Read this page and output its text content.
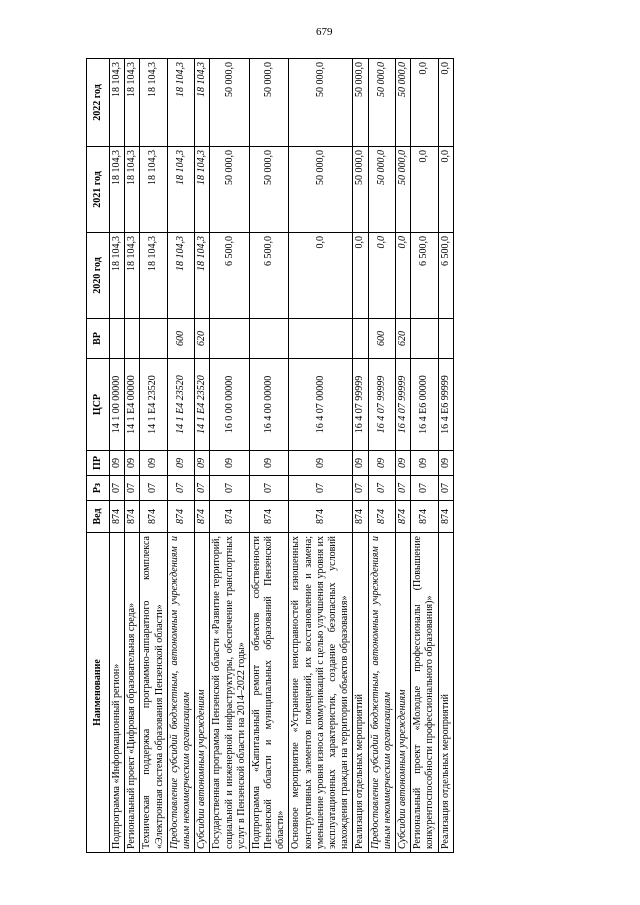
679
Наименование	Вед	Рз	ПР	ЦСР	ВР	2020 год	2021 год	2022 год
Подпрограмма «Информационный регион»	874	07	09	14 1 00 00000		18 104,3	18 104,3	18 104,3
Региональный проект «Цифровая образовательная среда»	874	07	09	14 1 E4 00000		18 104,3	18 104,3	18 104,3
Техническая поддержка программно-аппаратного комплекса «Электронная система образования Пензенской области»	874	07	09	14 1 E4 23520		18 104,3	18 104,3	18 104,3
Предоставление субсидий бюджетным, автономным учреждениям и иным некоммерческим организациям	874	07	09	14 1 E4 23520	600	18 104,3	18 104,3	18 104,3
Субсидии автономным учреждениям	874	07	09	14 1 E4 23520	620	18 104,3	18 104,3	18 104,3
Государственная программа Пензенской области «Развитие территорий, социальной и инженерной инфраструктуры, обеспечение транспортных услуг в Пензенской области на 2014–2022 годы»	874	07	09	16 0 00 00000		6 500,0	50 000,0	50 000,0
Подпрограмма «Капитальный ремонт объектов собственности Пензенской области и муниципальных образований Пензенской области»	874	07	09	16 4 00 00000		6 500,0	50 000,0	50 000,0
Основное мероприятие «Устранение неисправностей изношенных конструктивных элементов помещений, их восстановление и замена; уменьшение уровня износа коммуникаций с целью улучшения уровня их эксплуатационных характеристик, создание безопасных условий нахождения граждан на территории объектов образования»	874	07	09	16 4 07 00000		0,0	50 000,0	50 000,0
Реализация отдельных мероприятий	874	07	09	16 4 07 99999		0,0	50 000,0	50 000,0
Предоставление субсидий бюджетным, автономным учреждениям и иным некоммерческим организациям	874	07	09	16 4 07 99999	600	0,0	50 000,0	50 000,0
Субсидии автономным учреждениям	874	07	09	16 4 07 99999	620	0,0	50 000,0	50 000,0
Региональный проект «Молодые профессионалы (Повышение конкурентоспособности профессионального образования)»	874	07	09	16 4 E6 00000		6 500,0	0,0	0,0
Реализация отдельных мероприятий	874	07	09	16 4 E6 99999		6 500,0	0,0	0,0
